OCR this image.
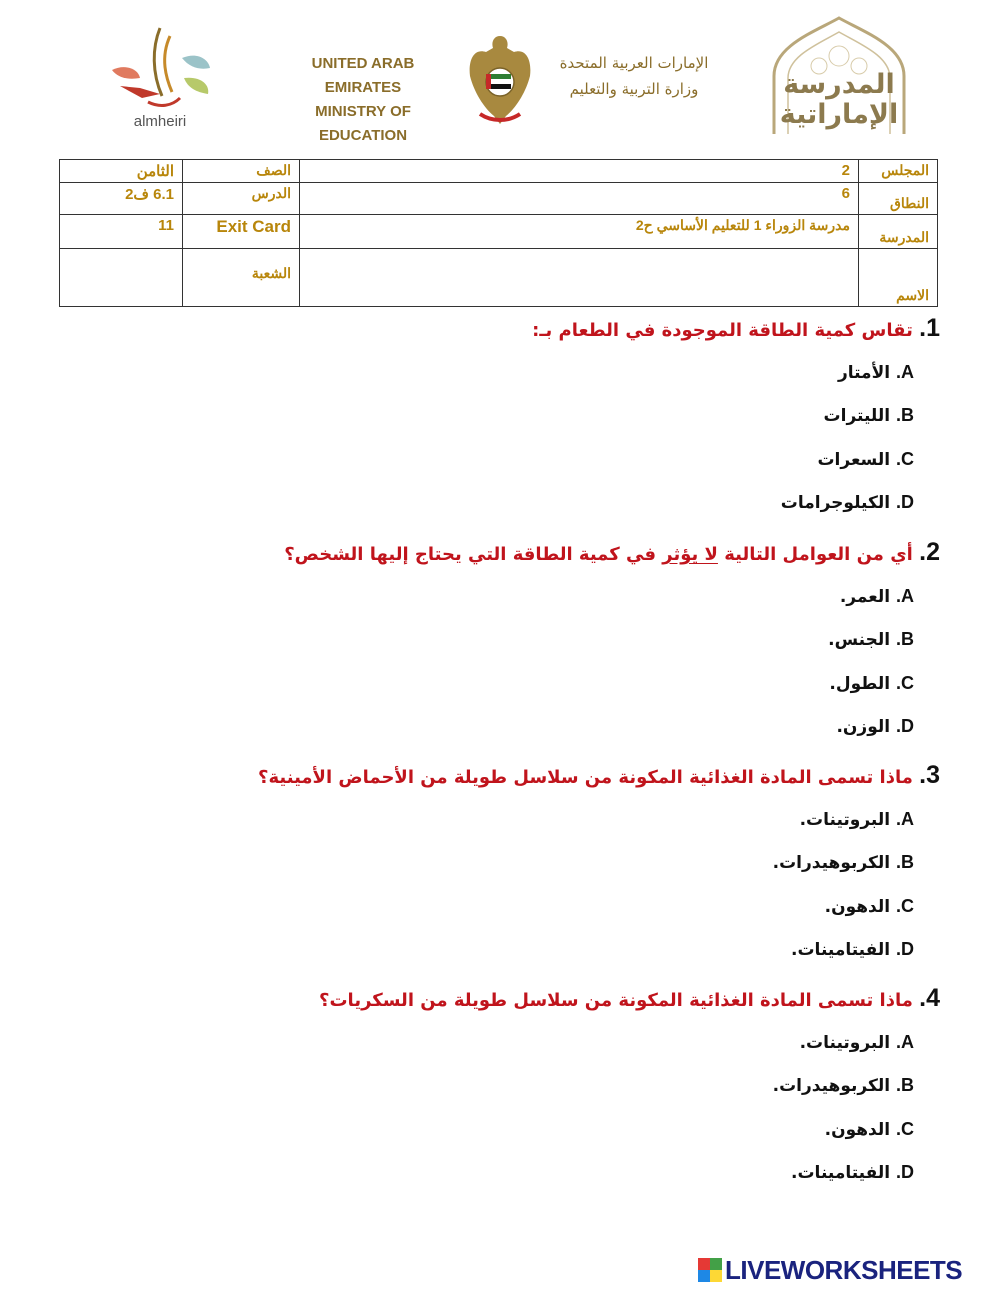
almheiri
UNITED ARAB EMIRATES
MINISTRY OF EDUCATION
الإمارات العربية المتحدة
وزارة التربية والتعليم	المدرسة
الإماراتية
الثامن	الصف	2	المجلس
6.1 ف2	الدرس	6	النطاق
11	Exit Card	مدرسة الزوراء 1 للتعليم الأساسي ح2	المدرسة
	الشعبة		الاسم
1. تقاس كمية الطاقة الموجودة في الطعام بـ:
A. الأمتار
B. الليترات
C. السعرات
D. الكيلوجرامات
2. أي من العوامل التالية لا يؤثر في كمية الطاقة التي يحتاج إليها الشخص؟
A. العمر.
B. الجنس.
C. الطول.
D. الوزن.
3. ماذا تسمى المادة الغذائية المكونة من سلاسل طويلة من الأحماض الأمينية؟
A. البروتينات.
B. الكربوهيدرات.
C. الدهون.
D. الفيتامينات.
4. ماذا تسمى المادة الغذائية المكونة من سلاسل طويلة من السكريات؟
A. البروتينات.
B. الكربوهيدرات.
C. الدهون.
D. الفيتامينات.
LIVEWORKSHEETS
